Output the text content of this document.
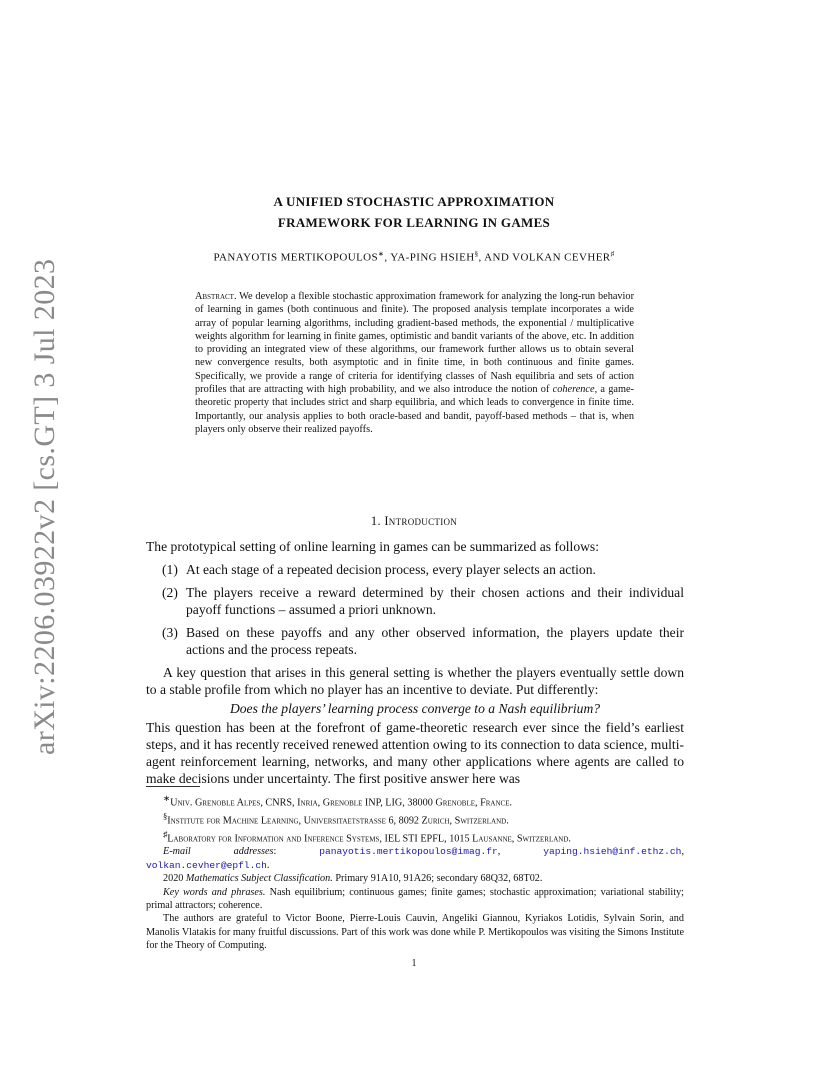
arXiv:2206.03922v2 [cs.GT] 3 Jul 2023
A UNIFIED STOCHASTIC APPROXIMATION
FRAMEWORK FOR LEARNING IN GAMES
PANAYOTIS MERTIKOPOULOS∗, YA-PING HSIEH§, AND VOLKAN CEVHER♯
Abstract. We develop a flexible stochastic approximation framework for analyzing the long-run behavior of learning in games (both continuous and finite). The proposed analysis template incorporates a wide array of popular learning algorithms, including gradient-based methods, the exponential / multiplicative weights algorithm for learning in finite games, optimistic and bandit variants of the above, etc. In addition to providing an integrated view of these algorithms, our framework further allows us to obtain several new convergence results, both asymptotic and in finite time, in both continuous and finite games. Specifically, we provide a range of criteria for identifying classes of Nash equilibria and sets of action profiles that are attracting with high probability, and we also introduce the notion of coherence, a game-theoretic property that includes strict and sharp equilibria, and which leads to convergence in finite time. Importantly, our analysis applies to both oracle-based and bandit, payoff-based methods – that is, when players only observe their realized payoffs.
1. Introduction

The prototypical setting of online learning in games can be summarized as follows:

(1) At each stage of a repeated decision process, every player selects an action.
(2) The players receive a reward determined by their chosen actions and their individual payoff functions – assumed a priori unknown.
(3) Based on these payoffs and any other observed information, the players update their actions and the process repeats.

A key question that arises in this general setting is whether the players eventually settle down to a stable profile from which no player has an incentive to deviate. Put differently:

Does the players’ learning process converge to a Nash equilibrium?

This question has been at the forefront of game-theoretic research ever since the field’s earliest steps, and it has recently received renewed attention owing to its connection to data science, multi-agent reinforcement learning, networks, and many other applications where agents are called to make decisions under uncertainty. The first positive answer here was

∗Univ. Grenoble Alpes, CNRS, Inria, Grenoble INP, LIG, 38000 Grenoble, France.

§Institute for Machine Learning, Universitaetstrasse 6, 8092 Zurich, Switzerland.

♯Laboratory for Information and Inference Systems, IEL STI EPFL, 1015 Lausanne, Switzerland.

E-mail addresses: panayotis.mertikopoulos@imag.fr, yaping.hsieh@inf.ethz.ch, volkan.cevher@epfl.ch.

2020 Mathematics Subject Classification. Primary 91A10, 91A26; secondary 68Q32, 68T02.

Key words and phrases. Nash equilibrium; continuous games; finite games; stochastic approximation; variational stability; primal attractors; coherence.

The authors are grateful to Victor Boone, Pierre-Louis Cauvin, Angeliki Giannou, Kyriakos Lotidis, Sylvain Sorin, and Manolis Vlatakis for many fruitful discussions. Part of this work was done while P. Mertikopoulos was visiting the Simons Institute for the Theory of Computing.

1
